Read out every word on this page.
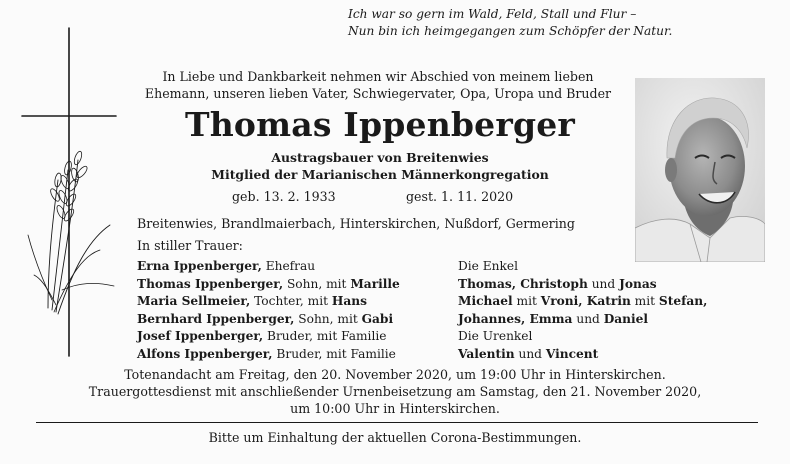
Ich war so gern im Wald, Feld, Stall und Flur –
Nun bin ich heimgegangen zum Schöpfer der Natur.
In Liebe und Dankbarkeit nehmen wir Abschied von meinem lieben
Ehemann, unseren lieben Vater, Schwiegervater, Opa, Uropa und Bruder
Thomas Ippenberger
Austragsbauer von Breitenwies
Mitglied der Marianischen Männerkongregation
geb. 13. 2. 1933	gest. 1. 11. 2020
Breitenwies, Brandlmaierbach, Hinterskirchen, Nußdorf, Germering
In stiller Trauer:
Erna Ippenberger, Ehefrau
Thomas Ippenberger, Sohn, mit Marille
Maria Sellmeier, Tochter, mit Hans
Bernhard Ippenberger, Sohn, mit Gabi
Josef Ippenberger, Bruder, mit Familie
Alfons Ippenberger, Bruder, mit Familie
Die Enkel
Thomas, Christoph und Jonas
Michael mit Vroni, Katrin mit Stefan,
Johannes, Emma und Daniel
Die Urenkel
Valentin und Vincent
Totenandacht am Freitag, den 20. November 2020, um 19:00 Uhr in Hinterskirchen.
Trauergottesdienst mit anschließender Urnenbeisetzung am Samstag, den 21. November 2020,
um 10:00 Uhr in Hinterskirchen.
Bitte um Einhaltung der aktuellen Corona-Bestimmungen.
